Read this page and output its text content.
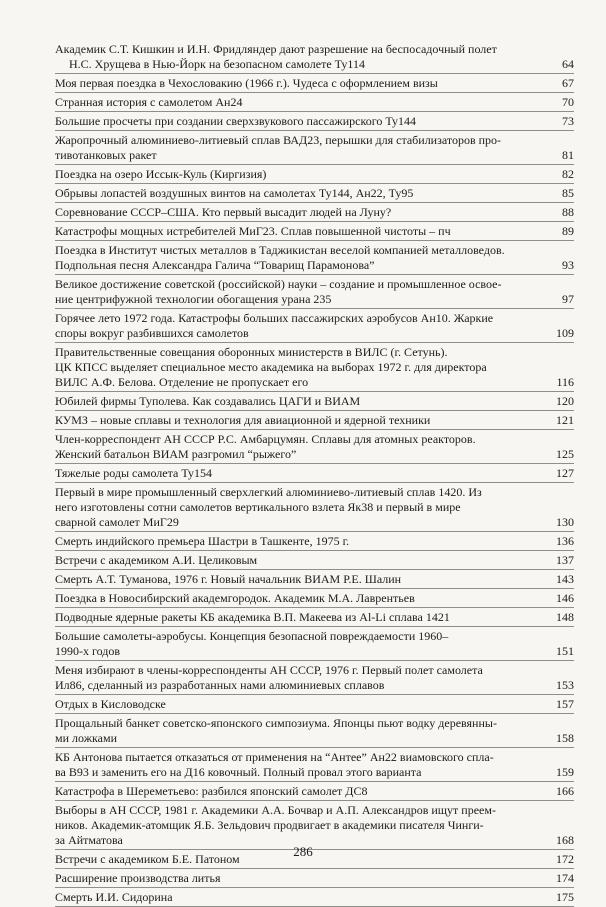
Академик С.Т. Кишкин и И.Н. Фридляндер дают разрешение на беспосадочный полет
Н.С. Хрущева в Нью-Йорк на безопасном самолете Ту114	64
Моя первая поездка в Чехословакию (1966 г.). Чудеса с оформлением визы	67
Странная история с самолетом Ан24	70
Большие просчеты при создании сверхзвукового пассажирского Ту144	73
Жаропрочный алюминиево-литиевый сплав ВАД23, перышки для стабилизаторов про-
тивотанковых ракет	81
Поездка на озеро Иссык-Куль (Киргизия)	82
Обрывы лопастей воздушных винтов на самолетах Ту144, Ан22, Ту95	85
Соревнование СССР–США. Кто первый высадит людей на Луну?	88
Катастрофы мощных истребителей МиГ23. Сплав повышенной чистоты – пч	89
Поездка в Институт чистых металлов в Таджикистан веселой компанией металловедов.
Подпольная песня Александра Галича “Товарищ Парамонова”	93
Великое достижение советской (российской) науки – создание и промышленное освое-
ние центрифужной технологии обогащения урана 235	97
Горячее лето 1972 года. Катастрофы больших пассажирских аэробусов Ан10. Жаркие
споры вокруг разбившихся самолетов	109
Правительственные совещания оборонных министерств в ВИЛС (г. Сетунь).
ЦК КПСС выделяет специальное место академика на выборах 1972 г. для директора
ВИЛС А.Ф. Белова. Отделение не пропускает его	116
Юбилей фирмы Туполева. Как создавались ЦАГИ и ВИАМ	120
КУМЗ – новые сплавы и технология для авиационной и ядерной техники	121
Член-корреспондент АН СССР Р.С. Амбарцумян. Сплавы для атомных реакторов.
Женский батальон ВИАМ разгромил “рыжего”	125
Тяжелые роды самолета Ту154	127
Первый в мире промышленный сверхлегкий алюминиево-литиевый сплав 1420. Из
него изготовлены сотни самолетов вертикального взлета Як38 и первый в мире
сварной самолет МиГ29	130
Смерть индийского премьера Шастри в Ташкенте, 1975 г.	136
Встречи с академиком А.И. Целиковым	137
Смерть А.Т. Туманова, 1976 г. Новый начальник ВИАМ Р.Е. Шалин	143
Поездка в Новосибирский академгородок. Академик М.А. Лаврентьев	146
Подводные ядерные ракеты КБ академика В.П. Макеева из Al-Li сплава 1421	148
Большие самолеты-аэробусы. Концепция безопасной повреждаемости 1960–
1990-х годов	151
Меня избирают в члены-корреспонденты АН СССР, 1976 г. Первый полет самолета
Ил86, сделанный из разработанных нами алюминиевых сплавов	153
Отдых в Кисловодске	157
Прощальный банкет советско-японского симпозиума. Японцы пьют водку деревянны-
ми ложками	158
КБ Антонова пытается отказаться от применения на “Антее” Ан22 виамовского спла-
ва В93 и заменить его на Д16 ковочный. Полный провал этого варианта	159
Катастрофа в Шереметьево: разбился японский самолет ДС8	166
Выборы в АН СССР, 1981 г. Академики А.А. Бочвар и А.П. Александров ищут преем-
ников. Академик-атомщик Я.Б. Зельдович продвигает в академики писателя Чинги-
за Айтматова	168
Встречи с академиком Б.Е. Патоном	172
Расширение производства литья	174
Смерть И.И. Сидорина	175
286
